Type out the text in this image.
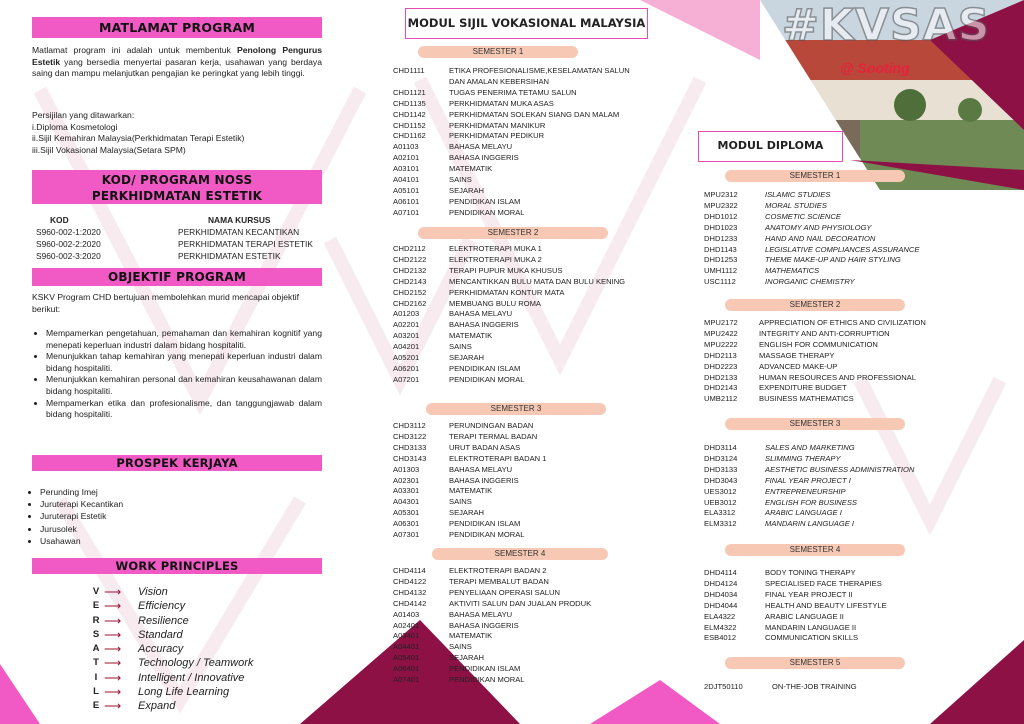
MATLAMAT PROGRAM
Matlamat program ini adalah untuk membentuk Penolong Pengurus Estetik yang bersedia menyertai pasaran kerja, usahawan yang berdaya saing dan mampu melanjutkan pengajian ke peringkat yang lebih tinggi.
Persijilan yang ditawarkan:
i.Diploma Kosmetologi
ii.Sijil Kemahiran Malaysia(Perkhidmatan Terapi Estetik)
iii.Sijil Vokasional Malaysia(Setara SPM)
KOD/ PROGRAM NOSS
PERKHIDMATAN ESTETIK
KOD	NAMA KURSUS
S960-002-1:2020	PERKHIDMATAN KECANTIKAN
S960-002-2:2020	PERKHIDMATAN TERAPI ESTETIK
S960-002-3:2020	PERKHIDMATAN ESTETIK
OBJEKTIF PROGRAM
KSKV Program CHD bertujuan membolehkan murid mencapai objektif berikut:
• Mempamerkan pengetahuan, pemahaman dan kemahiran kognitif yang menepati keperluan industri dalam bidang hospitaliti.
• Menunjukkan tahap kemahiran yang menepati keperluan industri dalam bidang hospitaliti.
• Menunjukkan kemahiran personal dan kemahiran keusahawanan dalam bidang hospitaliti.
• Mempamerkan etika dan profesionalisme, dan tanggungjawab dalam bidang hospitaliti.
PROSPEK KERJAYA
• Perunding Imej
• Juruterapi Kecantikan
• Juruterapi Estetik
• Jurusolek
• Usahawan
WORK PRINCIPLES
V ⟶	Vision
E ⟶	Efficiency
R ⟶	Resilience
S ⟶	Standard
A ⟶	Accuracy
T ⟶	Technology / Teamwork
I ⟶	Intelligent / Innovative
L ⟶	Long Life Learning
E ⟶	Expand
MODUL SIJIL VOKASIONAL MALAYSIA
SEMESTER 1
CHD1111	ETIKA PROFESIONALISME,KESELAMATAN SALUN DAN AMALAN KEBERSIHAN
CHD1121	TUGAS PENERIMA TETAMU SALUN
CHD1135	PERKHIDMATAN MUKA ASAS
CHD1142	PERKHIDMATAN SOLEKAN SIANG DAN MALAM
CHD1152	PERKHIDMATAN MANIKUR
CHD1162	PERKHIDMATAN PEDIKUR
A01103	BAHASA MELAYU
A02101	BAHASA INGGERIS
A03101	MATEMATIK
A04101	SAINS
A05101	SEJARAH
A06101	PENDIDIKAN ISLAM
A07101	PENDIDIKAN MORAL
SEMESTER 2
CHD2112	ELEKTROTERAPI MUKA 1
CHD2122	ELEKTROTERAPI MUKA 2
CHD2132	TERAPI PUPUR MUKA KHUSUS
CHD2143	MENCANTIKKAN BULU MATA DAN BULU KENING
CHD2152	PERKHIDMATAN KONTUR MATA
CHD2162	MEMBUANG BULU ROMA
A01203	BAHASA MELAYU
A02201	BAHASA INGGERIS
A03201	MATEMATIK
A04201	SAINS
A05201	SEJARAH
A06201	PENDIDIKAN ISLAM
A07201	PENDIDIKAN MORAL
SEMESTER 3
CHD3112	PERUNDINGAN BADAN
CHD3122	TERAPI TERMAL BADAN
CHD3133	URUT BADAN ASAS
CHD3143	ELEKTROTERAPI BADAN 1
A01303	BAHASA MELAYU
A02301	BAHASA INGGERIS
A03301	MATEMATIK
A04301	SAINS
A05301	SEJARAH
A06301	PENDIDIKAN ISLAM
A07301	PENDIDIKAN MORAL
SEMESTER 4
CHD4114	ELEKTROTERAPI BADAN 2
CHD4122	TERAPI MEMBALUT BADAN
CHD4132	PENYELIAAN OPERASI SALUN
CHD4142	AKTIVITI SALUN DAN JUALAN PRODUK
A01403	BAHASA MELAYU
A02401	BAHASA INGGERIS
A03401	MATEMATIK
A04401	SAINS
A05401	SEJARAH
A06401	PENDIDIKAN ISLAM
A07401	PENDIDIKAN MORAL
#KVSAS
@ Sooting
MODUL DIPLOMA
SEMESTER 1
MPU2312	ISLAMIC STUDIES
MPU2322	MORAL STUDIES
DHD1012	COSMETIC SCIENCE
DHD1023	ANATOMY AND PHYSIOLOGY
DHD1233	HAND AND NAIL DECORATION
DHD1143	LEGISLATIVE COMPLIANCES ASSURANCE
DHD1253	THEME MAKE-UP AND HAIR STYLING
UMH1112	MATHEMATICS
USC1112	INORGANIC CHEMISTRY
SEMESTER 2
MPU2172	APPRECIATION OF ETHICS AND CIVILIZATION
MPU2422	INTEGRITY AND ANTI-CORRUPTION
MPU2222	ENGLISH FOR COMMUNICATION
DHD2113	MASSAGE THERAPY
DHD2223	ADVANCED MAKE-UP
DHD2133	HUMAN RESOURCES AND PROFESSIONAL
DHD2143	EXPENDITURE BUDGET
UMB2112	BUSINESS MATHEMATICS
SEMESTER 3
DHD3114	SALES AND MARKETING
DHD3124	SLIMMING THERAPY
DHD3133	AESTHETIC BUSINESS ADMINISTRATION
DHD3043	FINAL YEAR PROJECT I
UES3012	ENTREPRENEURSHIP
UEB3012	ENGLISH FOR BUSINESS
ELA3312	ARABIC LANGUAGE I
ELM3312	MANDARIN LANGUAGE I
SEMESTER 4
DHD4114	BODY TONING THERAPY
DHD4124	SPECIALISED FACE THERAPIES
DHD4034	FINAL YEAR PROJECT II
DHD4044	HEALTH AND BEAUTY LIFESTYLE
ELA4322	ARABIC LANGUAGE II
ELM4322	MANDARIN LANGUAGE II
ESB4012	COMMUNICATION SKILLS
SEMESTER 5
2DJT50110	ON-THE-JOB TRAINING
